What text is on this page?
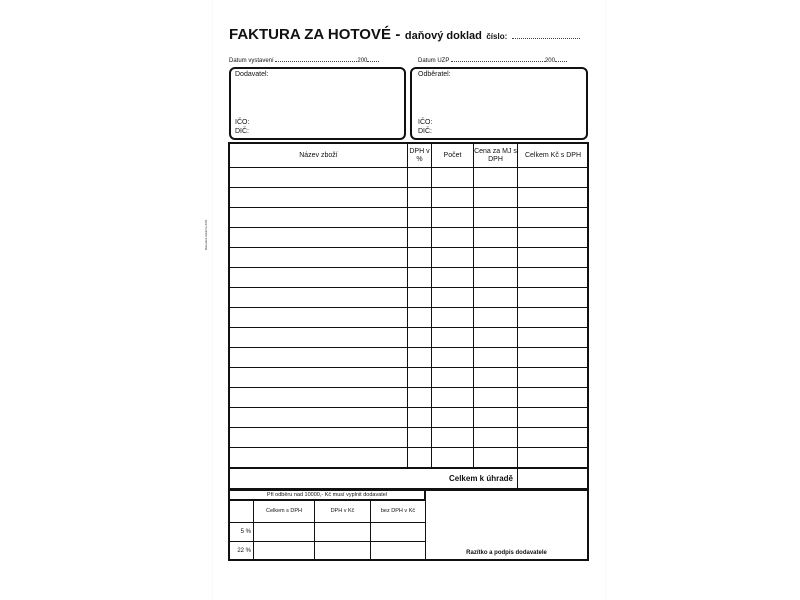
Baloušek tiskárna 6/04
FAKTURA ZA HOTOVÉ - daňový doklad číslo:
Datum vystavení	200	Datum UZP	200
Dodavatel:
IČO:
DIČ:
Odběratel:
IČO:
DIČ:
Název zboží	DPH v %	Počet	Cena za MJ s DPH	Celkem Kč s DPH

Celkem k úhradě				
Při odběru nad 10000,- Kč musí vyplnit dodavatel
	Celkem s DPH	DPH v Kč	bez DPH v Kč
5 %			
22 %				Razítko a podpis dodavatele
